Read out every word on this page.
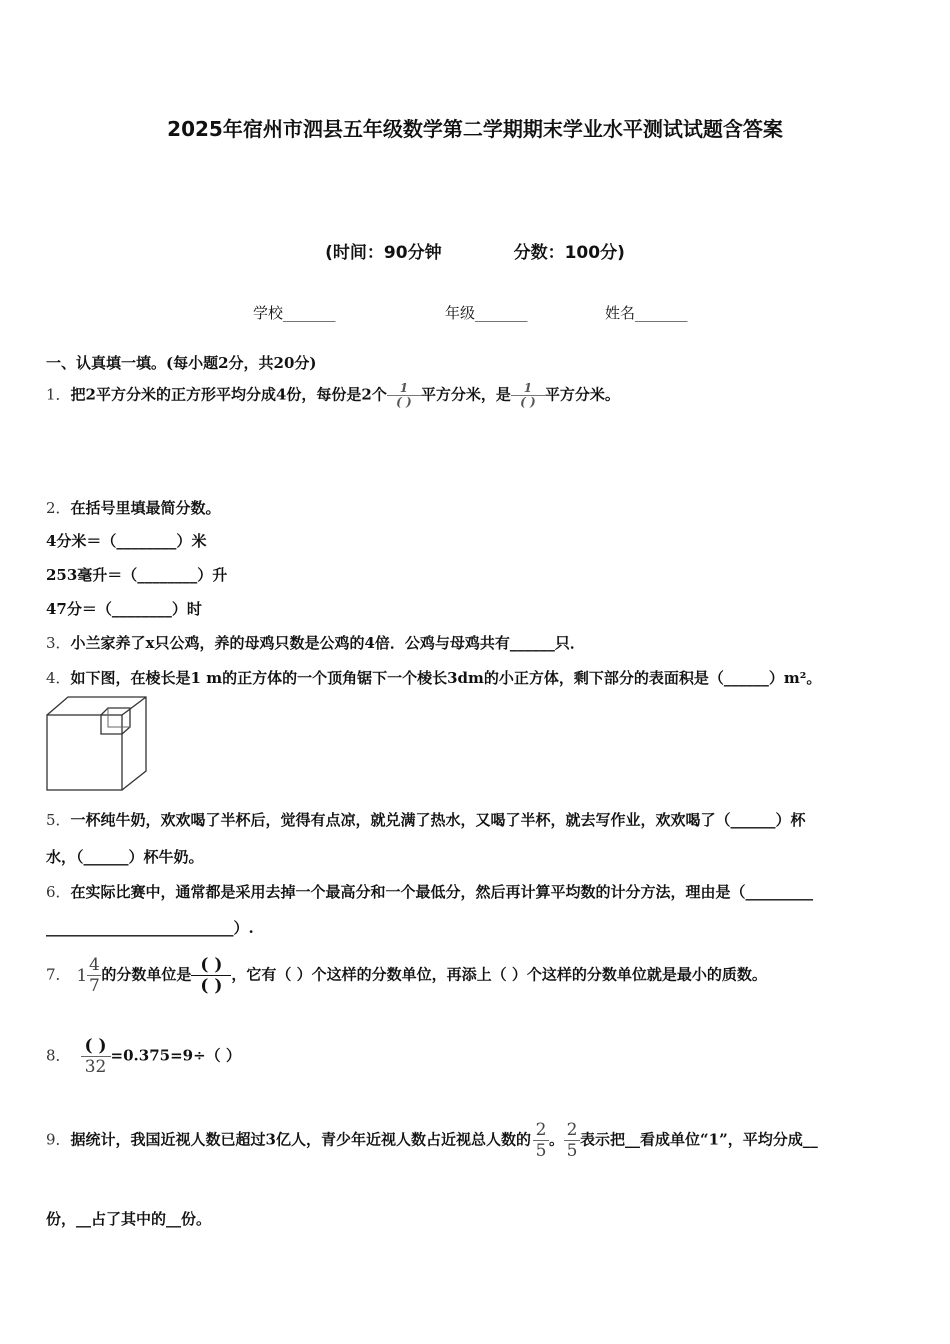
2025年宿州市泗县五年级数学第二学期期末学业水平测试试题含答案
(时间：90分钟	分数：100分)
学校_______	年级_______	姓名_______
一、认真填一填。(每小题2分，共20分)
1．把2平方分米的正方形平均分成4份，每份是2个 $\frac{1}{( )}$ 平方分米，是 $\frac{1}{( )}$ 平方分米。
2．在括号里填最简分数。
4分米＝（________）米
253毫升＝（________）升
47分＝（________）时
3．小兰家养了x只公鸡，养的母鸡只数是公鸡的4倍．公鸡与母鸡共有______只．
4．如下图，在棱长是1 m的正方体的一个顶角锯下一个棱长3dm的小正方体，剩下部分的表面积是（______）m²。
5．一杯纯牛奶，欢欢喝了半杯后，觉得有点凉，就兑满了热水，又喝了半杯，就去写作业，欢欢喝了（______）杯
水，（______）杯牛奶。
6．在实际比赛中，通常都是采用去掉一个最高分和一个最低分，然后再计算平均数的计分方法，理由是（_________
_________________________）.
7． $1 \frac{4}{7}$ 的分数单位是 ( )
( )
，它有（ ）个这样的分数单位，再添上（ ）个这样的分数单位就是最小的质数。
8． ( )
32
=0.375=9÷（ ）
9．据统计，我国近视人数已超过3亿人，青少年近视人数占近视总人数的 $\frac{2}{5}$ 。 $\frac{2}{5}$ 表示把__看成单位“1”，平均分成__
份，__占了其中的__份。
